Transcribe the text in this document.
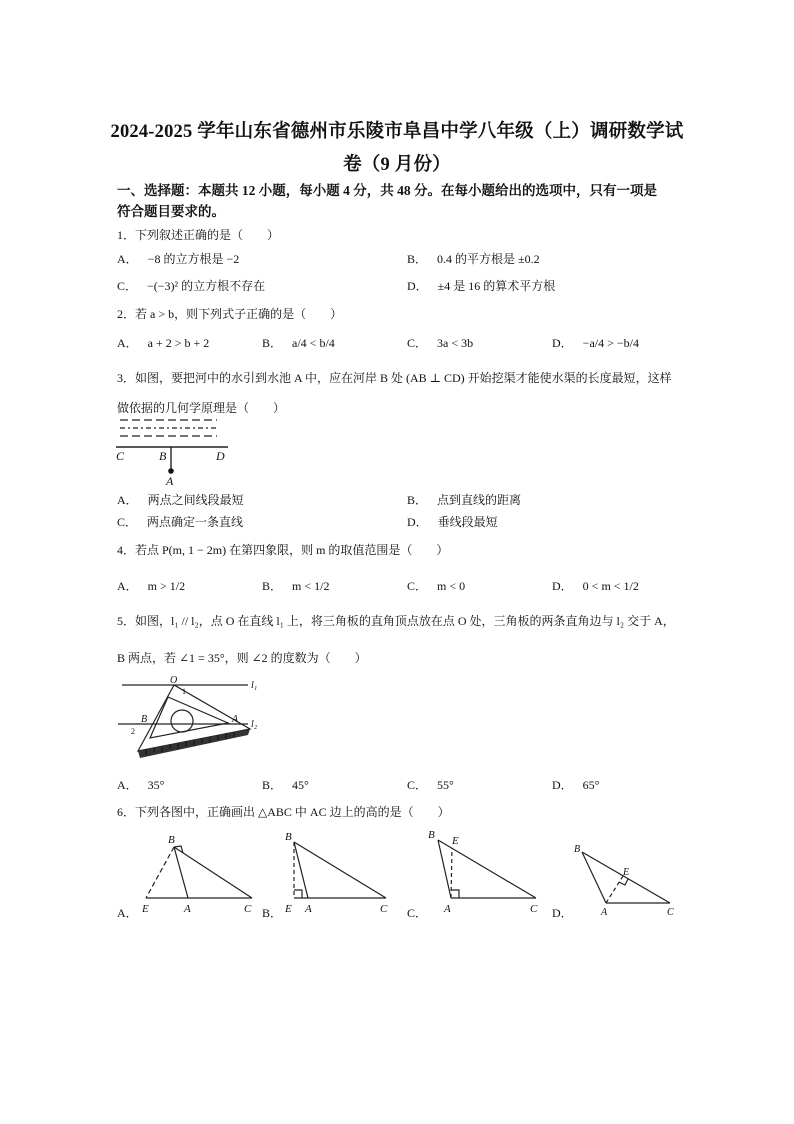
2024-2025 学年山东省德州市乐陵市阜昌中学八年级（上）调研数学试
卷（9 月份）
一、选择题：本题共 12 小题，每小题 4 分，共 48 分。在每小题给出的选项中，只有一项是
符合题目要求的。
1．下列叙述正确的是（　　）
A． −8 的立方根是 −2	B． 0.4 的平方根是 ±0.2
C． −(−3)² 的立方根不存在	D． ±4 是 16 的算术平方根
2．若 a > b，则下列式子正确的是（　　）
A． a + 2 > b + 2	B． a/4 < b/4	C． 3a < 3b	D． −a/4 > −b/4
3．如图，要把河中的水引到水池 A 中，应在河岸 B 处 (AB ⊥ CD) 开始挖渠才能使水渠的长度最短，这样
做依据的几何学原理是（　　）
C	B	D
A
A． 两点之间线段最短	B． 点到直线的距离
C． 两点确定一条直线	D． 垂线段最短
4．若点 P(m, 1 − 2m) 在第四象限，则 m 的取值范围是（　　）
A． m > 1/2	B． m < 1/2	C． m < 0	D． 0 < m < 1/2
5．如图，l₁ // l₂，点 O 在直线 l₁ 上，将三角板的直角顶点放在点 O 处，三角板的两条直角边与 l₂ 交于 A，
B 两点，若 ∠1 = 35°，则 ∠2 的度数为（　　）
O
1
l₁
B	A l₂
2
A． 35°	B． 45°	C． 55°	D． 65°
6．下列各图中，正确画出 △ABC 中 AC 边上的高的是（　　）
A．
B
E	A	C B．
B
E A	C C．
B E
A	C D．
B
E
A	C
